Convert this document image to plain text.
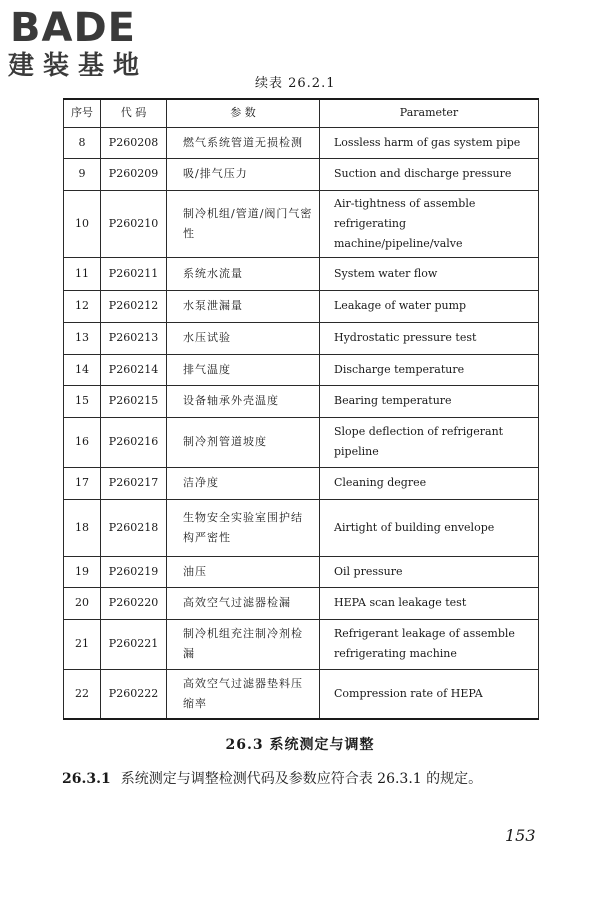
BADE
建装基地
续表 26.2.1
序号	代 码	参 数	Parameter
8	P260208	燃气系统管道无损检测	Lossless harm of gas system pipe
9	P260209	吸/排气压力	Suction and discharge pressure
10	P260210	制冷机组/管道/阀门气密性	Air-tightness of assemble refrigerating machine/pipeline/valve
11	P260211	系统水流量	System water flow
12	P260212	水泵泄漏量	Leakage of water pump
13	P260213	水压试验	Hydrostatic pressure test
14	P260214	排气温度	Discharge temperature
15	P260215	设备轴承外壳温度	Bearing temperature
16	P260216	制冷剂管道坡度	Slope deflection of refrigerant pipeline
17	P260217	洁净度	Cleaning degree
18	P260218	生物安全实验室围护结构严密性	Airtight of building envelope
19	P260219	油压	Oil pressure
20	P260220	高效空气过滤器检漏	HEPA scan leakage test
21	P260221	制冷机组充注制冷剂检漏	Refrigerant leakage of assemble refrigerating machine
22	P260222	高效空气过滤器垫料压缩率	Compression rate of HEPA
26.3 系统测定与调整
26.3.1 系统测定与调整检测代码及参数应符合表 26.3.1 的规定。
153
